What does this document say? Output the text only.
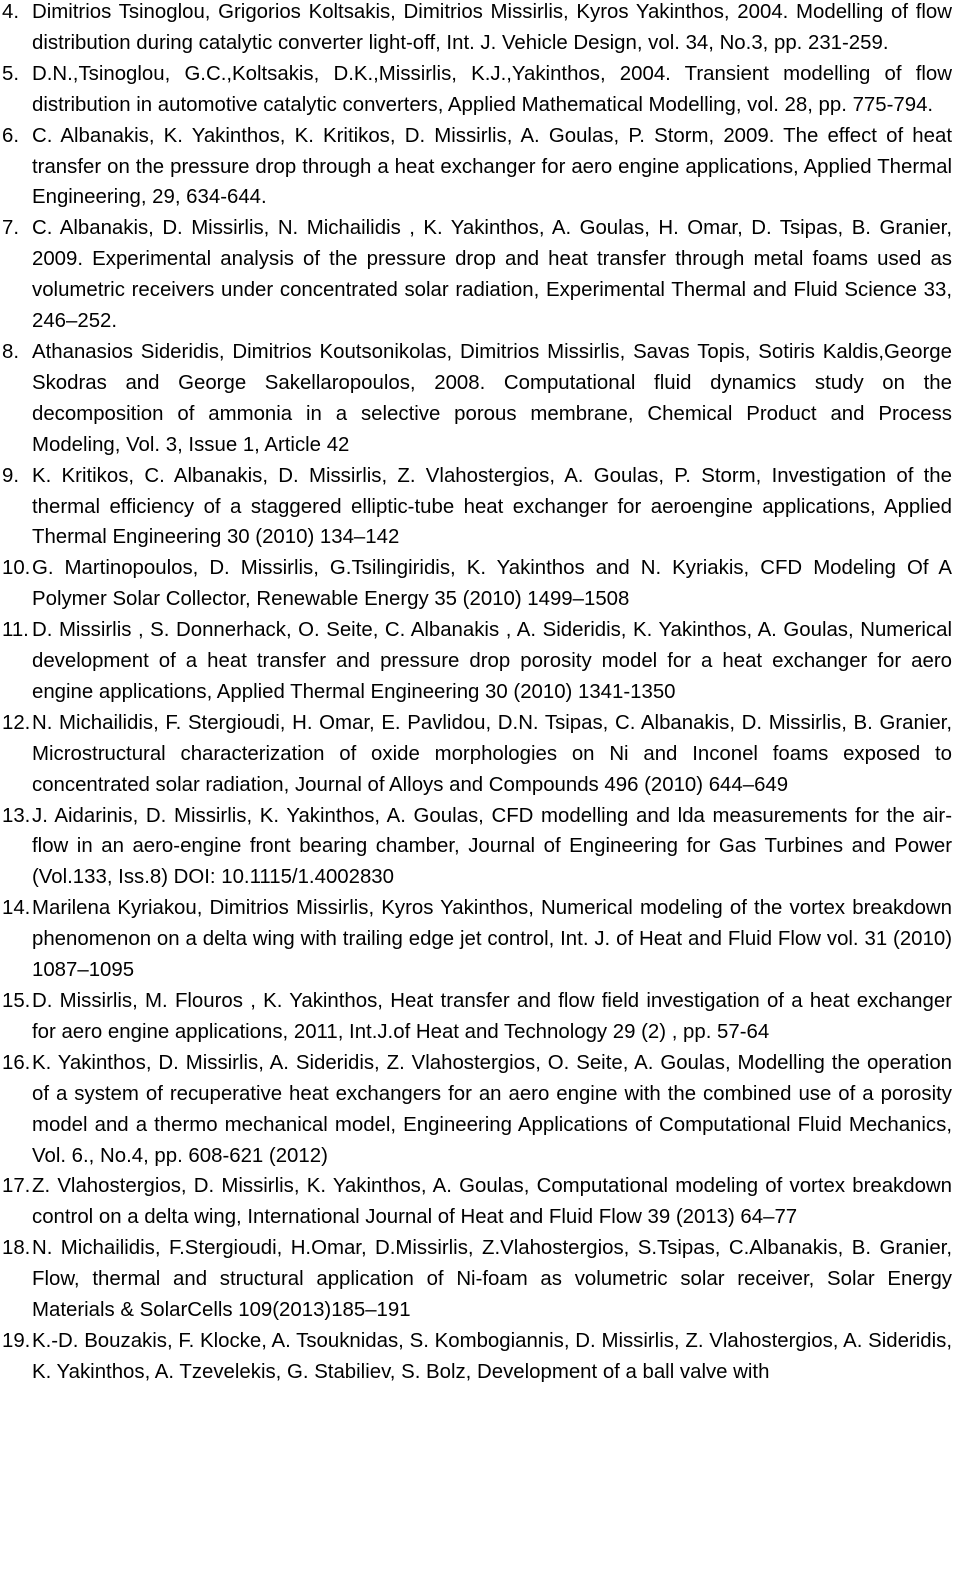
4. Dimitrios Tsinoglou, Grigorios Koltsakis, Dimitrios Missirlis, Kyros Yakinthos, 2004. Modelling of flow distribution during catalytic converter light-off, Int. J. Vehicle Design, vol. 34, No.3, pp. 231-259.
5. D.N.,Tsinoglou, G.C.,Koltsakis, D.K.,Missirlis, K.J.,Yakinthos, 2004. Transient modelling of flow distribution in automotive catalytic converters, Applied Mathematical Modelling, vol. 28, pp. 775-794.
6. C. Albanakis, K. Yakinthos, K. Kritikos, D. Missirlis, A. Goulas, P. Storm, 2009. The effect of heat transfer on the pressure drop through a heat exchanger for aero engine applications, Applied Thermal Engineering, 29, 634-644.
7. C. Albanakis, D. Missirlis, N. Michailidis , K. Yakinthos, A. Goulas, H. Omar, D. Tsipas, B. Granier, 2009. Experimental analysis of the pressure drop and heat transfer through metal foams used as volumetric receivers under concentrated solar radiation, Experimental Thermal and Fluid Science 33, 246–252.
8. Athanasios Sideridis, Dimitrios Koutsonikolas, Dimitrios Missirlis, Savas Topis, Sotiris Kaldis,George Skodras and George Sakellaropoulos, 2008. Computational fluid dynamics study on the decomposition of ammonia in a selective porous membrane, Chemical Product and Process Modeling, Vol. 3, Issue 1, Article 42
9. K. Kritikos, C. Albanakis, D. Missirlis, Z. Vlahostergios, A. Goulas, P. Storm, Investigation of the thermal efficiency of a staggered elliptic-tube heat exchanger for aeroengine applications, Applied Thermal Engineering 30 (2010) 134–142
10. G. Martinopoulos, D. Missirlis, G.Tsilingiridis, K. Yakinthos and N. Kyriakis, CFD Modeling Of A Polymer Solar Collector, Renewable Energy 35 (2010) 1499–1508
11. D. Missirlis , S. Donnerhack, O. Seite, C. Albanakis , A. Sideridis, K. Yakinthos, A. Goulas, Numerical development of a heat transfer and pressure drop porosity model for a heat exchanger for aero engine applications, Applied Thermal Engineering 30 (2010) 1341-1350
12. N. Michailidis, F. Stergioudi, H. Omar, E. Pavlidou, D.N. Tsipas, C. Albanakis, D. Missirlis, B. Granier, Microstructural characterization of oxide morphologies on Ni and Inconel foams exposed to concentrated solar radiation, Journal of Alloys and Compounds 496 (2010) 644–649
13. J. Aidarinis, D. Missirlis, K. Yakinthos, A. Goulas, CFD modelling and lda measurements for the air-flow in an aero-engine front bearing chamber, Journal of Engineering for Gas Turbines and Power (Vol.133, Iss.8) DOI: 10.1115/1.4002830
14. Marilena Kyriakou, Dimitrios Missirlis, Kyros Yakinthos, Numerical modeling of the vortex breakdown phenomenon on a delta wing with trailing edge jet control, Int. J. of Heat and Fluid Flow vol. 31 (2010) 1087–1095
15. D. Missirlis, M. Flouros , K. Yakinthos, Heat transfer and flow field investigation of a heat exchanger for aero engine applications, 2011, Int.J.of Heat and Technology 29 (2) , pp. 57-64
16. K. Yakinthos, D. Missirlis, A. Sideridis, Z. Vlahostergios, O. Seite, A. Goulas, Modelling the operation of a system of recuperative heat exchangers for an aero engine with the combined use of a porosity model and a thermo mechanical model, Engineering Applications of Computational Fluid Mechanics, Vol. 6., No.4, pp. 608-621 (2012)
17. Z. Vlahostergios, D. Missirlis, K. Yakinthos, A. Goulas, Computational modeling of vortex breakdown control on a delta wing, International Journal of Heat and Fluid Flow 39 (2013) 64–77
18. N. Michailidis, F.Stergioudi, H.Omar, D.Missirlis, Z.Vlahostergios, S.Tsipas, C.Albanakis, B. Granier, Flow, thermal and structural application of Ni-foam as volumetric solar receiver, Solar Energy Materials & SolarCells 109(2013)185–191
19. K.-D. Bouzakis, F. Klocke, A. Tsouknidas, S. Kombogiannis, D. Missirlis, Z. Vlahostergios, A. Sideridis, K. Yakinthos, A. Tzevelekis, G. Stabiliev, S. Bolz, Development of a ball valve with
